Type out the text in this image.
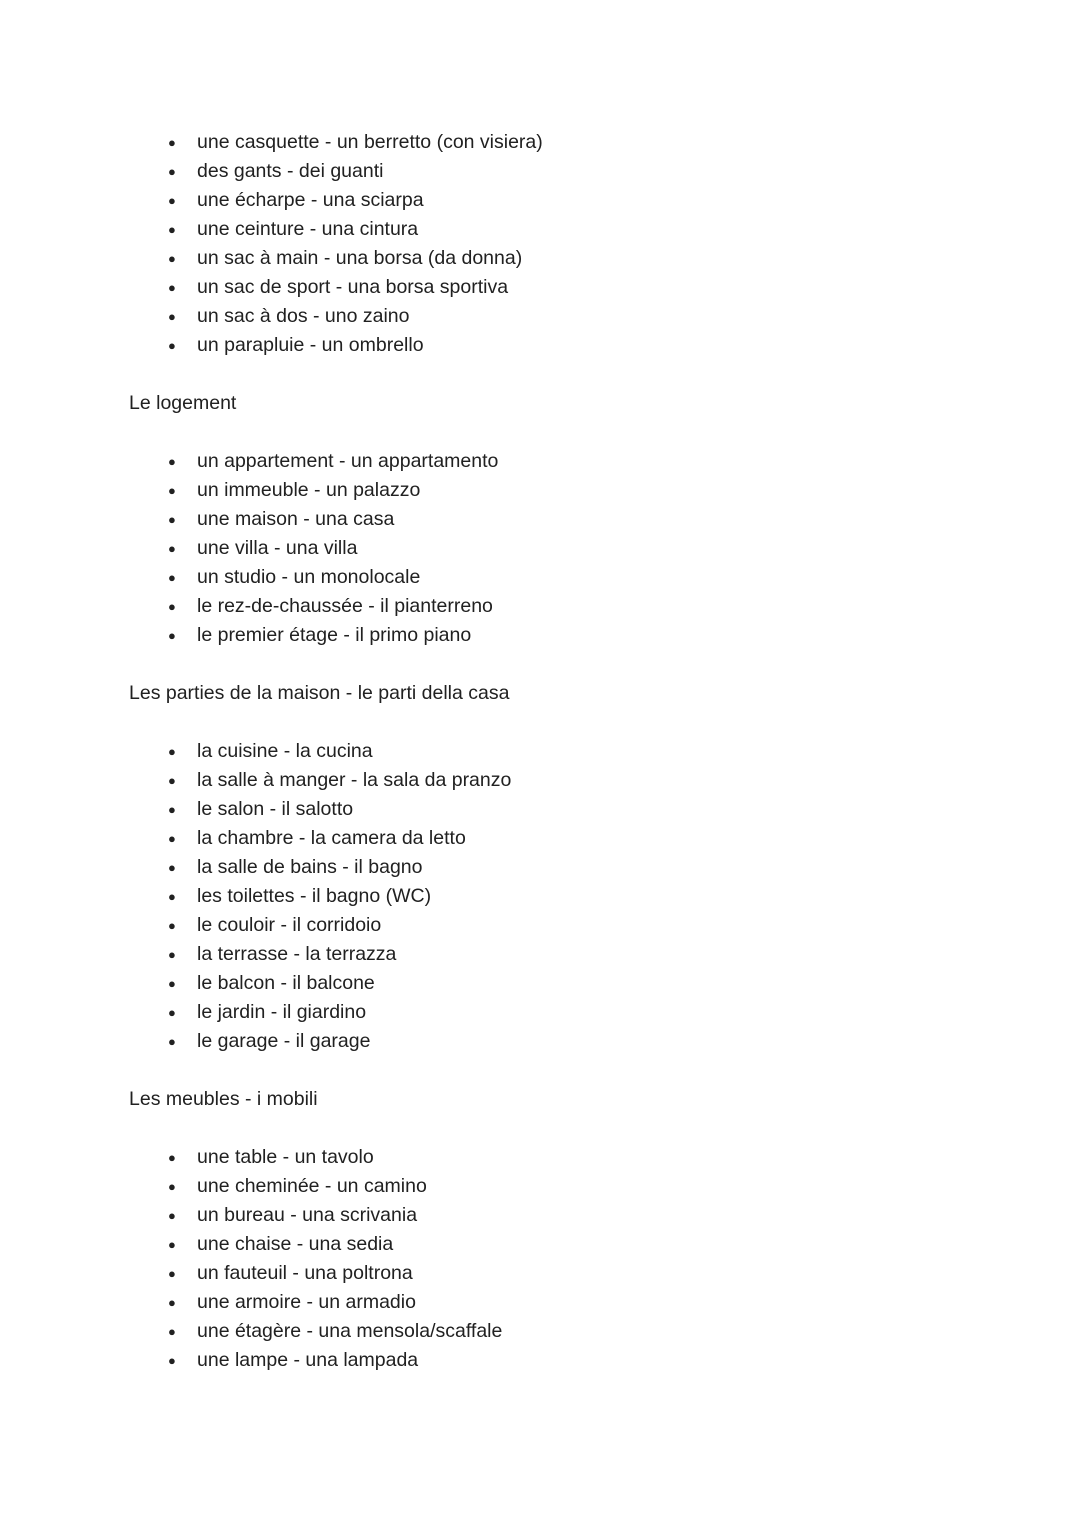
● une casquette - un berretto (con visiera)
● des gants - dei guanti
● une écharpe - una sciarpa
● une ceinture - una cintura
● un sac à main - una borsa (da donna)
● un sac de sport - una borsa sportiva
● un sac à dos - uno zaino
● un parapluie - un ombrello

Le logement

● un appartement - un appartamento
● un immeuble - un palazzo
● une maison - una casa
● une villa - una villa
● un studio - un monolocale
● le rez-de-chaussée - il pianterreno
● le premier étage - il primo piano

Les parties de la maison - le parti della casa

● la cuisine - la cucina
● la salle à manger - la sala da pranzo
● le salon - il salotto
● la chambre - la camera da letto
● la salle de bains - il bagno
● les toilettes - il bagno (WC)
● le couloir - il corridoio
● la terrasse - la terrazza
● le balcon - il balcone
● le jardin - il giardino
● le garage - il garage

Les meubles - i mobili

● une table - un tavolo
● une cheminée - un camino
● un bureau - una scrivania
● une chaise - una sedia
● un fauteuil - una poltrona
● une armoire - un armadio
● une étagère - una mensola/scaffale
● une lampe - una lampada
